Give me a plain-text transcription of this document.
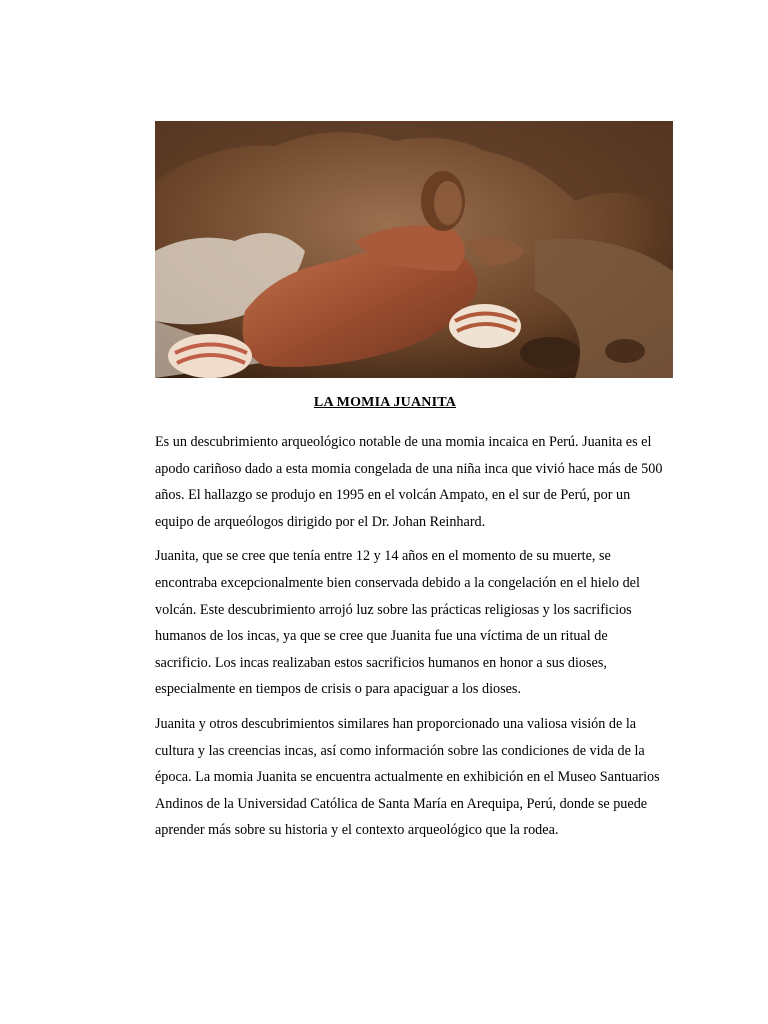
LA MOMIA JUANITA

Es un descubrimiento arqueológico notable de una momia incaica en Perú. Juanita es el apodo cariñoso dado a esta momia congelada de una niña inca que vivió hace más de 500 años. El hallazgo se produjo en 1995 en el volcán Ampato, en el sur de Perú, por un equipo de arqueólogos dirigido por el Dr. Johan Reinhard.

Juanita, que se cree que tenía entre 12 y 14 años en el momento de su muerte, se encontraba excepcionalmente bien conservada debido a la congelación en el hielo del volcán. Este descubrimiento arrojó luz sobre las prácticas religiosas y los sacrificios humanos de los incas, ya que se cree que Juanita fue una víctima de un ritual de sacrificio. Los incas realizaban estos sacrificios humanos en honor a sus dioses, especialmente en tiempos de crisis o para apaciguar a los dioses.

Juanita y otros descubrimientos similares han proporcionado una valiosa visión de la cultura y las creencias incas, así como información sobre las condiciones de vida de la época. La momia Juanita se encuentra actualmente en exhibición en el Museo Santuarios Andinos de la Universidad Católica de Santa María en Arequipa, Perú, donde se puede aprender más sobre su historia y el contexto arqueológico que la rodea.
